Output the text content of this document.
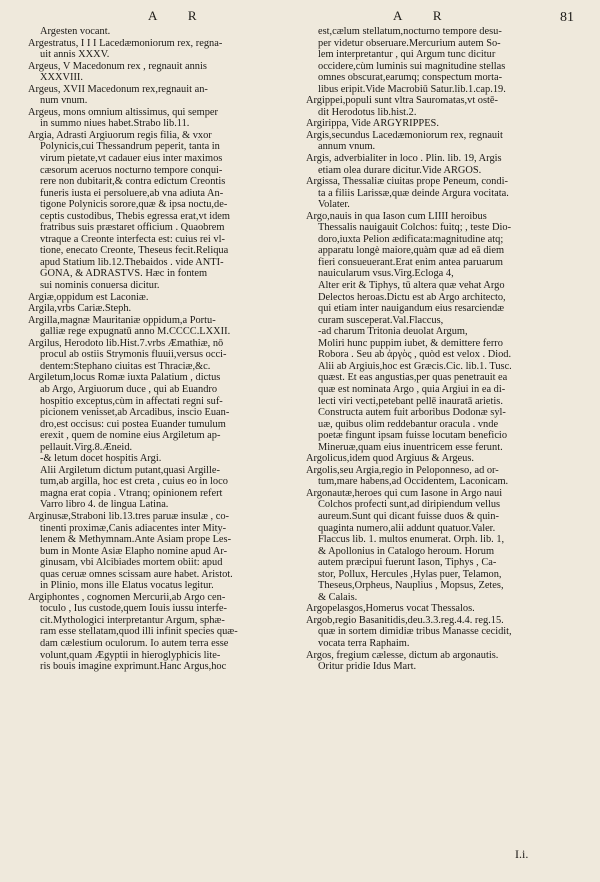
A R	A R	81
Argesten vocant.
Argestratus, I I I Lacedæmoniorum rex, regna-
uit annis XXXV.
Argeus, V Macedonum rex , regnauit annis
XXXVIII.
Argeus, XVII Macedonum rex,regnauit an-
num vnum.
Argeus, mons omnium altissimus, qui semper
in summo niues habet.Strabo lib.11.
Argia, Adrasti Argiuorum regis filia, & vxor
Polynicis,cui Thessandrum peperit, tanta in
virum pietate,vt cadauer eius inter maximos
cæsorum aceruos nocturno tempore conqui-
rere non dubitarit,& contra edictum Creontis
funeris iusta ei persoluere,ab vna adiuta An-
tigone Polynicis sorore,quæ & ipsa noctu,de-
ceptis custodibus, Thebis egressa erat,vt idem
fratribus suis præstaret officium . Quaobrem
vtraque a Creonte interfecta est: cuius rei vl-
tione, enecato Creonte, Theseus fecit.Reliqua
apud Statium lib.12.Thebaidos . vide ANTI-
GONA, & ADRASTVS. Hæc in fontem
sui nominis conuersa dicitur.
Argiæ,oppidum est Laconiæ.
Argila,vrbs Cariæ.Steph.
Argilla,magnæ Mauritaniæ oppidum,a Portu-
galliæ rege expugnatū anno M.CCCC.LXXII.
Argilus, Herodoto lib.Hist.7.vrbs Æmathiæ, nō
procul ab ostiis Strymonis fluuii,versus occi-
dentem:Stephano ciuitas est Thraciæ,&c.
Argiletum,locus Romæ iuxta Palatium , dictus
ab Argo, Argiuorum duce , qui ab Euandro
hospitio exceptus,cùm in affectati regni suf-
picionem venisset,ab Arcadibus, inscio Euan-
dro,est occisus: cui postea Euander tumulum
erexit , quem de nomine eius Argiletum ap-
pellauit.Virg.8.Æneid.
-& letum docet hospitis Argi.
Alii Argiletum dictum putant,quasi Argille-
tum,ab argilla, hoc est creta , cuius eo in loco
magna erat copia . Vtranq; opinionem refert
Varro libro 4. de lingua Latina.
Arginusæ,Straboni lib.13.tres paruæ insulæ , co-
tinenti proximæ,Canis adiacentes inter Mity-
lenem & Methymnam.Ante Asiam prope Les-
bum in Monte Asiæ Elapho nomine apud Ar-
ginusam, vbi Alcibiades mortem obiit: apud
quas ceruæ omnes scissam aure habet. Aristot.
in Plinio, mons ille Elatus vocatus legitur.
Argiphontes , cognomen Mercurii,ab Argo cen-
toculo , Ius custode,quem Iouis iussu interfe-
cit.Mythologici interpretantur Argum, sphæ-
ram esse stellatam,quod illi infinit species quæ-
dam cælestium oculorum. Io autem terra esse
volunt,quam Ægyptii in hieroglyphicis lite-
ris bouis imagine exprimunt.Hanc Argus,hoc
est,cælum stellatum,nocturno tempore desu-
per videtur obseruare.Mercurium autem So-
lem interpretantur , qui Argum tunc dicitur
occidere,cùm luminis sui magnitudine stellas
omnes obscurat,earumq; conspectum morta-
libus eripit.Vide Macrobiū Satur.lib.1.cap.19.
Argippei,populi sunt vltra Sauromatas,vt ostē-
dit Herodotus lib.hist.2.
Argirippa, Vide ARGYRIPPES.
Argis,secundus Lacedæmoniorum rex, regnauit
annum vnum.
Argis, adverbialiter in loco . Plin. lib. 19, Argis
etiam olea durare dicitur.Vide ARGOS.
Argissa, Thessaliæ ciuitas prope Peneum, condi-
ta a filiis Larissæ,quæ deinde Argura vocitata.
Volater.
Argo,nauis in qua Iason cum LIIII heroibus
Thessalis nauigauit Colchos: fuitq; , teste Dio-
doro,iuxta Pelion ædificata:magnitudine atq;
apparatu longè maiore,quàm quæ ad eā diem
fieri consueuerant.Erat enim antea paruarum
nauicularum vsus.Virg.Ecloga 4,
Alter erit & Tiphys, tū altera quæ vehat Argo
Delectos heroas.Dictu est ab Argo architecto,
qui etiam inter nauigandum eius resarciendæ
curam susceperat.Val.Flaccus,
-ad charum Tritonia deuolat Argum,
Moliri hunc puppim iubet, & demittere ferro
Robora . Seu ab ἀργὸς , quòd est velox . Diod.
Alii ab Argiuis,hoc est Græcis.Cic. lib.1. Tusc.
quæst. Et eas angustias,per quas penetrauit ea
quæ est nominata Argo , quia Argiui in ea di-
lecti viri vecti,petebant pellē inauratā arietis.
Constructa autem fuit arboribus Dodonæ syl-
uæ, quibus olim reddebantur oracula . vnde
poetæ fingunt ipsam fuisse locutam beneficio
Mineruæ,quam eius inuentricem esse ferunt.
Argolicus,idem quod Argiuus & Argeus.
Argolis,seu Argia,regio in Peloponneso, ad or-
tum,mare habens,ad Occidentem, Laconicam.
Argonautæ,heroes qui cum Iasone in Argo naui
Colchos profecti sunt,ad diripiendum vellus
aureum.Sunt qui dicant fuisse duos & quin-
quaginta numero,alii addunt quatuor.Valer.
Flaccus lib. 1. multos enumerat. Orph. lib. 1,
& Apollonius in Catalogo heroum. Horum
autem præcipui fuerunt Iason, Tiphys , Ca-
stor, Pollux, Hercules ,Hylas puer, Telamon,
Theseus,Orpheus, Nauplius , Mopsus, Zetes,
& Calais.
Argopelasgos,Homerus vocat Thessalos.
Argob,regio Basanitidis,deu.3.3.reg.4.4. reg.15.
quæ in sortem dimidiæ tribus Manasse cecidit,
vocata terra Raphaim.
Argos, fregium cælesse, dictum ab argonautis.
Oritur pridie Idus Mart.
I.i.
